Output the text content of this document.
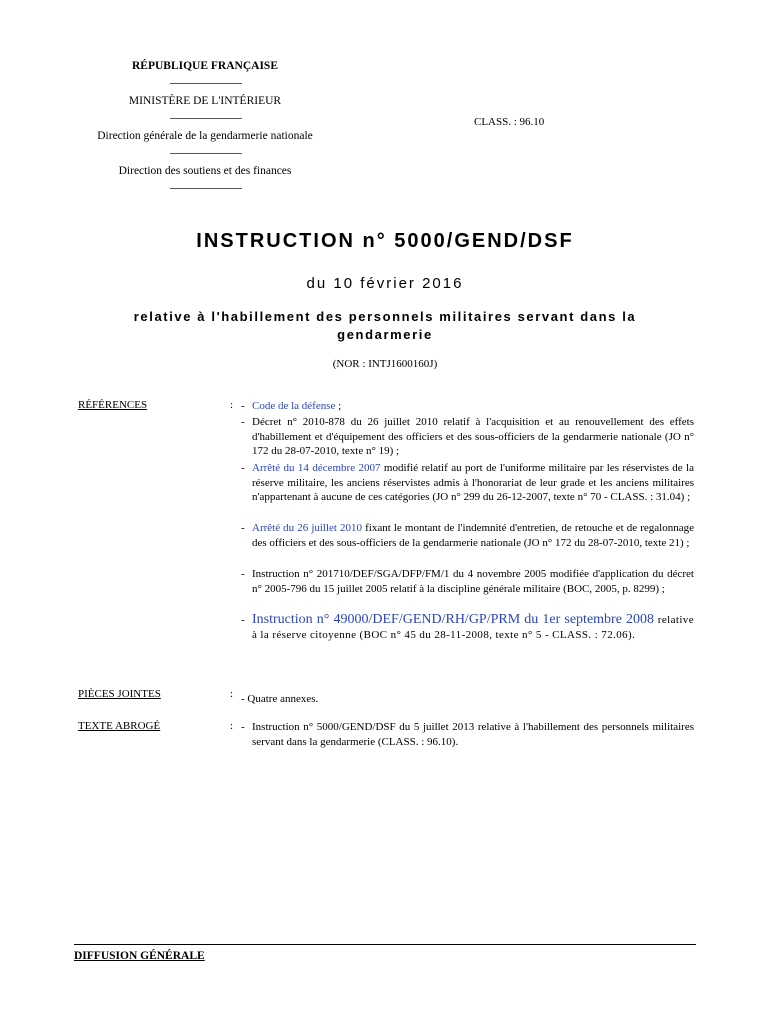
RÉPUBLIQUE FRANÇAISE
MINISTÈRE DE L'INTÉRIEUR
Direction générale de la gendarmerie nationale
Direction des soutiens et des finances
CLASS. : 96.10
INSTRUCTION n° 5000/GEND/DSF
du 10 février 2016
relative à l'habillement des personnels militaires servant dans la gendarmerie
(NOR : INTJ1600160J)
RÉFÉRENCES	: - Code de la défense ;
- Décret n° 2010-878 du 26 juillet 2010 relatif à l'acquisition et au renouvellement des effets d'habillement et d'équipement des officiers et des sous-officiers de la gendarmerie nationale (JO n° 172 du 28-07-2010, texte n° 19) ;
- Arrêté du 14 décembre 2007 modifié relatif au port de l'uniforme militaire par les réservistes de la réserve militaire, les anciens réservistes admis à l'honorariat de leur grade et les anciens militaires n'appartenant à aucune de ces catégories (JO n° 299 du 26-12-2007, texte n° 70 - CLASS. : 31.04) ;
- Arrêté du 26 juillet 2010 fixant le montant de l'indemnité d'entretien, de retouche et de regalonnage des officiers et des sous-officiers de la gendarmerie nationale (JO n° 172 du 28-07-2010, texte 21) ;
- Instruction n° 201710/DEF/SGA/DFP/FM/1 du 4 novembre 2005 modifiée d'application du décret n° 2005-796 du 15 juillet 2005 relatif à la discipline générale militaire (BOC, 2005, p. 8299) ;
- Instruction n° 49000/DEF/GEND/RH/GP/PRM du 1er septembre 2008 relative à la réserve citoyenne (BOC n° 45 du 28-11-2008, texte n° 5 - CLASS. : 72.06).
PIÈCES JOINTES	: - Quatre annexes.
TEXTE ABROGÉ	: - Instruction n° 5000/GEND/DSF du 5 juillet 2013 relative à l'habillement des personnels militaires servant dans la gendarmerie (CLASS. : 96.10).
DIFFUSION GÉNÉRALE
